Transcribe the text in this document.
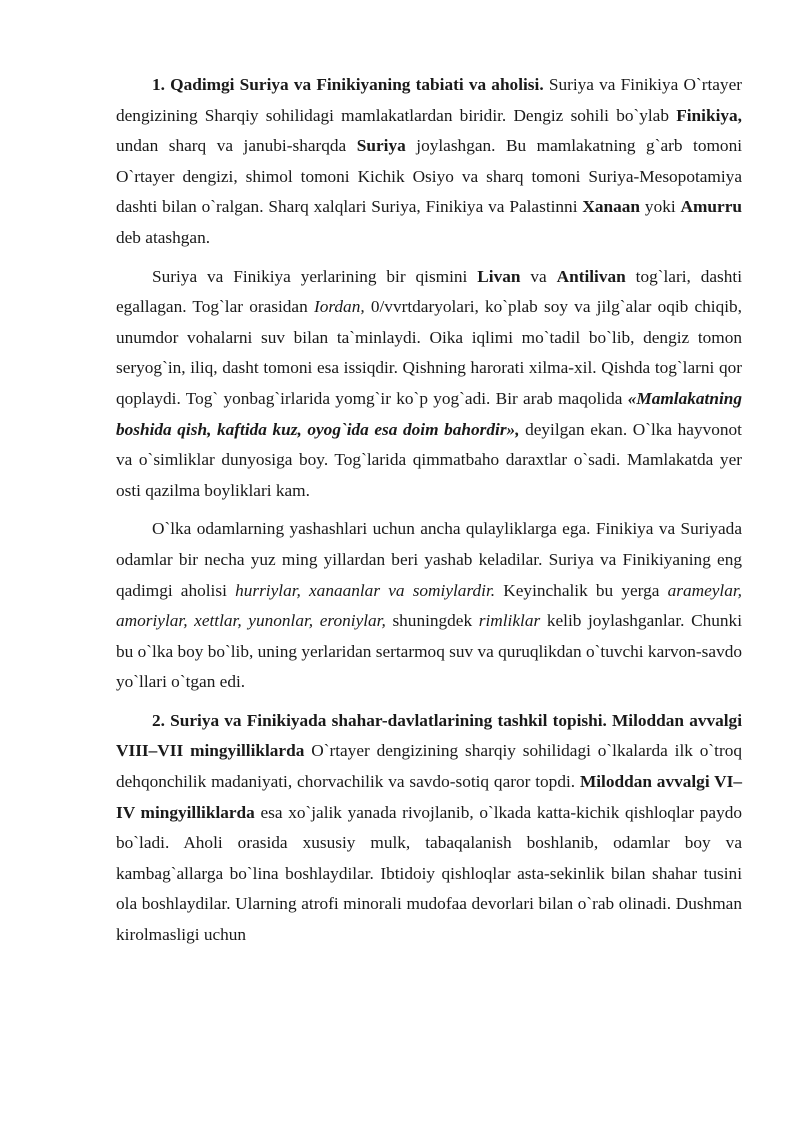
1. Qadimgi Suriya va Finikiyaning tabiati va aholisi. Suriya va Finikiya O`rtayer dengizining Sharqiy sohilidagi mamlakatlardan biridir. Dengiz sohili bo`ylab Finikiya, undan sharq va janubi-sharqda Suriya joylashgan. Bu mamlakatning g`arb tomoni O`rtayer dengizi, shimol tomoni Kichik Osiyo va sharq tomoni Suriya-Mesopotamiya dashti bilan o`ralgan. Sharq xalqlari Suriya, Finikiya va Palastinni Xanaan yoki Amurru deb atashgan.

Suriya va Finikiya yerlarining bir qismini Livan va Antilivan tog`lari, dashti egallagan. Tog`lar orasidan Iordan, 0/vvrtdaryolari, ko`plab soy va jilg`alar oqib chiqib, unumdor vohalarni suv bilan ta`minlaydi. Oika iqlimi mo`tadil bo`lib, dengiz tomon seryog`in, iliq, dasht tomoni esa issiqdir. Qishning harorati xilma-xil. Qishda tog`larni qor qoplaydi. Tog` yonbag`irlarida yomg`ir ko`p yog`adi. Bir arab maqolida «Mamlakatning boshida qish, kaftida kuz, oyog`ida esa doim bahordir», deyilgan ekan. O`lka hayvonot va o`simliklar dunyosiga boy. Tog`larida qimmatbaho daraxtlar o`sadi. Mamlakatda yer osti qazilma boyliklari kam.

O`lka odamlarning yashashlari uchun ancha qulayliklarga ega. Finikiya va Suriyada odamlar bir necha yuz ming yillardan beri yashab keladilar. Suriya va Finikiyaning eng qadimgi aholisi hurriylar, xanaanlar va somiylardir. Keyinchalik bu yerga arameylar, amoriylar, xettlar, yunonlar, eroniylar, shuningdek rimliklar kelib joylashganlar. Chunki bu o`lka boy bo`lib, uning yerlaridan sertarmoq suv va quruqlikdan o`tuvchi karvon-savdo yo`llari o`tgan edi.

2. Suriya va Finikiyada shahar-davlatlarining tashkil topishi. Miloddan avvalgi VIII–VII mingyilliklarda O`rtayer dengizining sharqiy sohilidagi o`lkalarda ilk o`troq dehqonchilik madaniyati, chorvachilik va savdo-sotiq qaror topdi. Miloddan avvalgi VI–IV mingyilliklarda esa xo`jalik yanada rivojlanib, o`lkada katta-kichik qishloqlar paydo bo`ladi. Aholi orasida xususiy mulk, tabaqalanish boshlanib, odamlar boy va kambag`allarga bo`lina boshlaydilar. Ibtidoiy qishloqlar asta-sekinlik bilan shahar tusini ola boshlaydilar. Ularning atrofi minorali mudofaa devorlari bilan o`rab olinadi. Dushman kirolmasligi uchun
